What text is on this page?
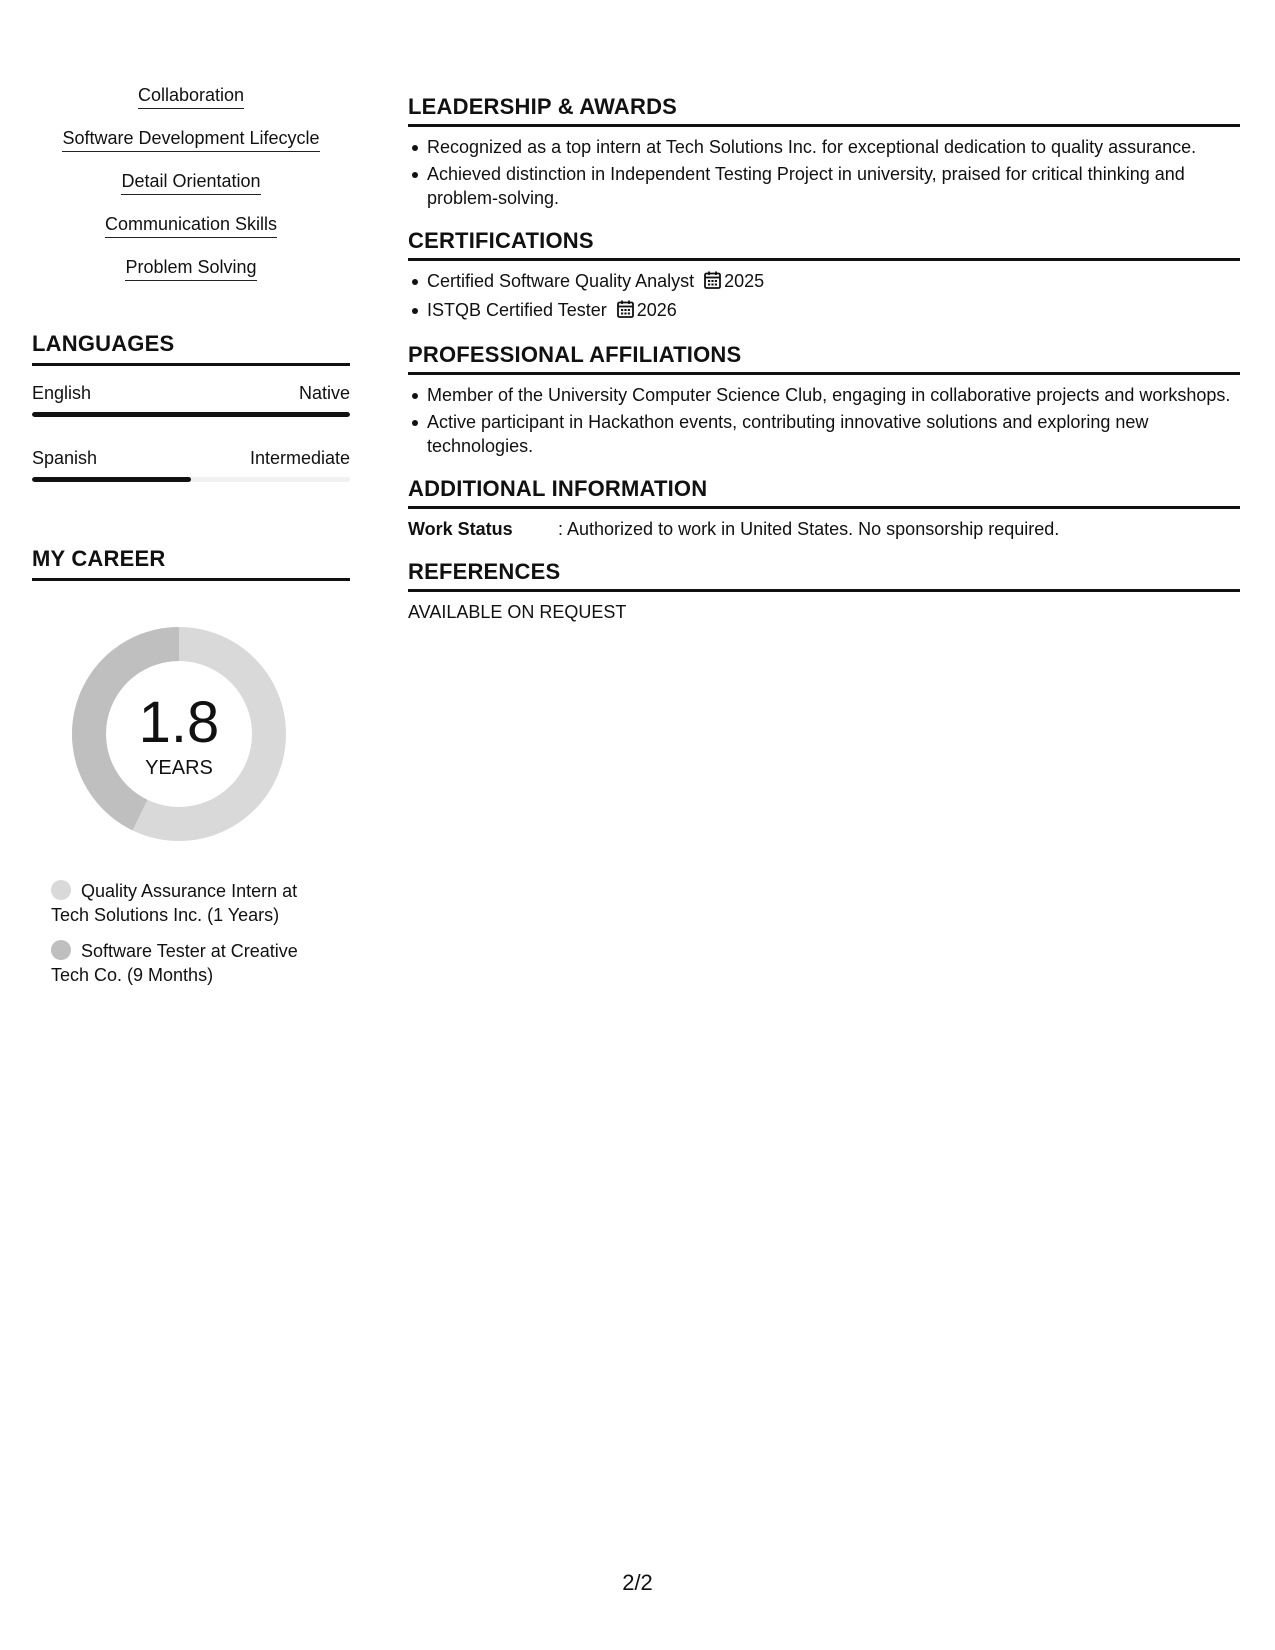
Collaboration
Software Development Lifecycle
Detail Orientation
Communication Skills
Problem Solving
LANGUAGES
English	Native
Spanish	Intermediate
MY CAREER
1.8
YEARS
Quality Assurance Intern at Tech Solutions Inc. (1 Years)
Software Tester at Creative Tech Co. (9 Months)
LEADERSHIP & AWARDS
Recognized as a top intern at Tech Solutions Inc. for exceptional dedication to quality assurance.
Achieved distinction in Independent Testing Project in university, praised for critical thinking and problem-solving.
CERTIFICATIONS
Certified Software Quality Analyst 2025
ISTQB Certified Tester 2026
PROFESSIONAL AFFILIATIONS
Member of the University Computer Science Club, engaging in collaborative projects and workshops.
Active participant in Hackathon events, contributing innovative solutions and exploring new technologies.
ADDITIONAL INFORMATION
Work Status	: Authorized to work in United States. No sponsorship required.
REFERENCES
AVAILABLE ON REQUEST
2/2
